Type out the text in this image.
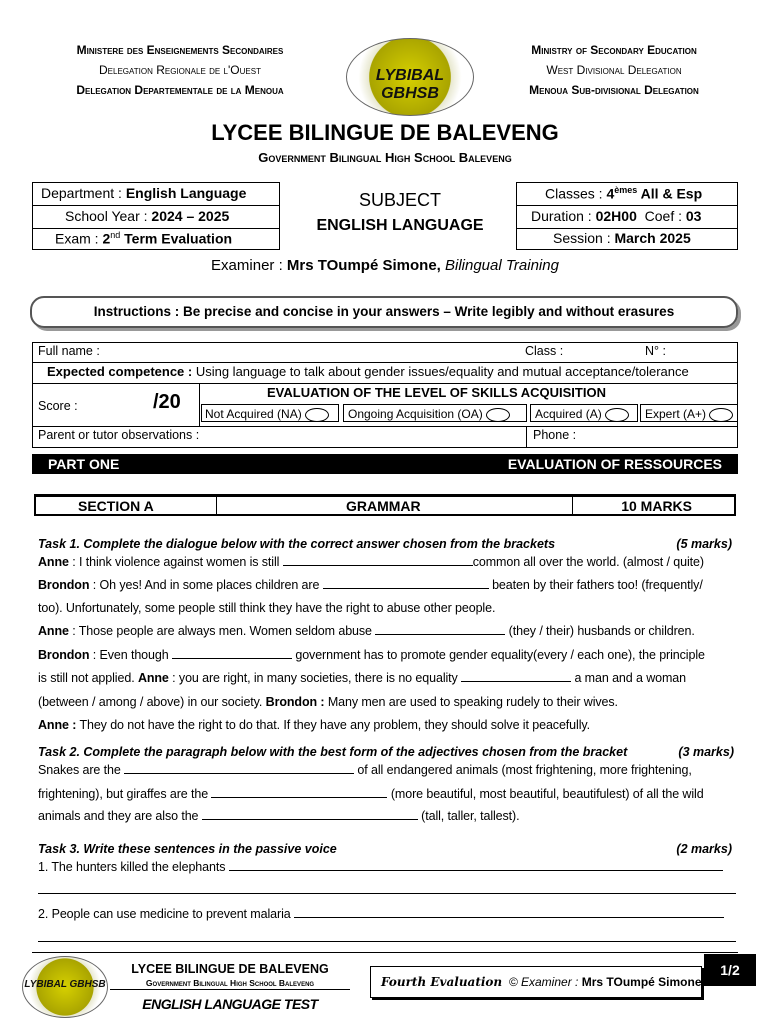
Ministere des Enseignements Secondaires
Delegation Regionale de l'Ouest
Delegation Departementale de la Menoua
LYBIBAL GBHSB
Ministry of Secondary Education
West Divisional Delegation
Menoua Sub-divisional Delegation
LYCEE BILINGUE DE BALEVENG
Government Bilingual High School Baleveng
Department : English Language
School Year : 2024 – 2025
Exam : 2nd Term Evaluation
SUBJECT
ENGLISH LANGUAGE
Classes : 4èmes All & Esp
Duration : 02H00 Coef : 03
Session : March 2025
Examiner : Mrs TOumpé Simone, Bilingual Training
Instructions : Be precise and concise in your answers – Write legibly and without erasures
Full name :	Class :	N° :
Expected competence : Using language to talk about gender issues/equality and mutual acceptance/tolerance
Score :	/20	EVALUATION OF THE LEVEL OF SKILLS ACQUISITION
Not Acquired (NA)	Ongoing Acquisition (OA)	Acquired (A)	Expert (A+)
Parent or tutor observations :	Phone :
PART ONE	EVALUATION OF RESSOURCES
SECTION A	GRAMMAR	10 MARKS
Task 1. Complete the dialogue below with the correct answer chosen from the brackets	(5 marks)
Anne : I think violence against women is still	common all over the world. (almost / quite)
Brondon : Oh yes! And in some places children are	beaten by their fathers too! (frequently/
too). Unfortunately, some people still think they have the right to abuse other people.
Anne : Those people are always men. Women seldom abuse	(they / their) husbands or children.
Brondon : Even though	government has to promote gender equality(every / each one), the principle
is still not applied. Anne : you are right, in many societies, there is no equality	a man and a woman
(between / among / above) in our society. Brondon : Many men are used to speaking rudely to their wives.
Anne : They do not have the right to do that. If they have any problem, they should solve it peacefully.
Task 2. Complete the paragraph below with the best form of the adjectives chosen from the bracket	(3 marks)
Snakes are the	of all endangered animals (most frightening, more frightening,
frightening), but giraffes are the	(more beautiful, most beautiful, beautifulest) of all the wild
animals and they are also the	(tall, taller, tallest).
Task 3. Write these sentences in the passive voice	(2 marks)
1. The hunters killed the elephants
2. People can use medicine to prevent malaria
LYBIBAL GBHSB
LYCEE BILINGUE DE BALEVENG
Government Bilingual High School Baleveng
ENGLISH LANGUAGE TEST
Fourth Evaluation © Examiner : Mrs TOumpé Simone
1/2
